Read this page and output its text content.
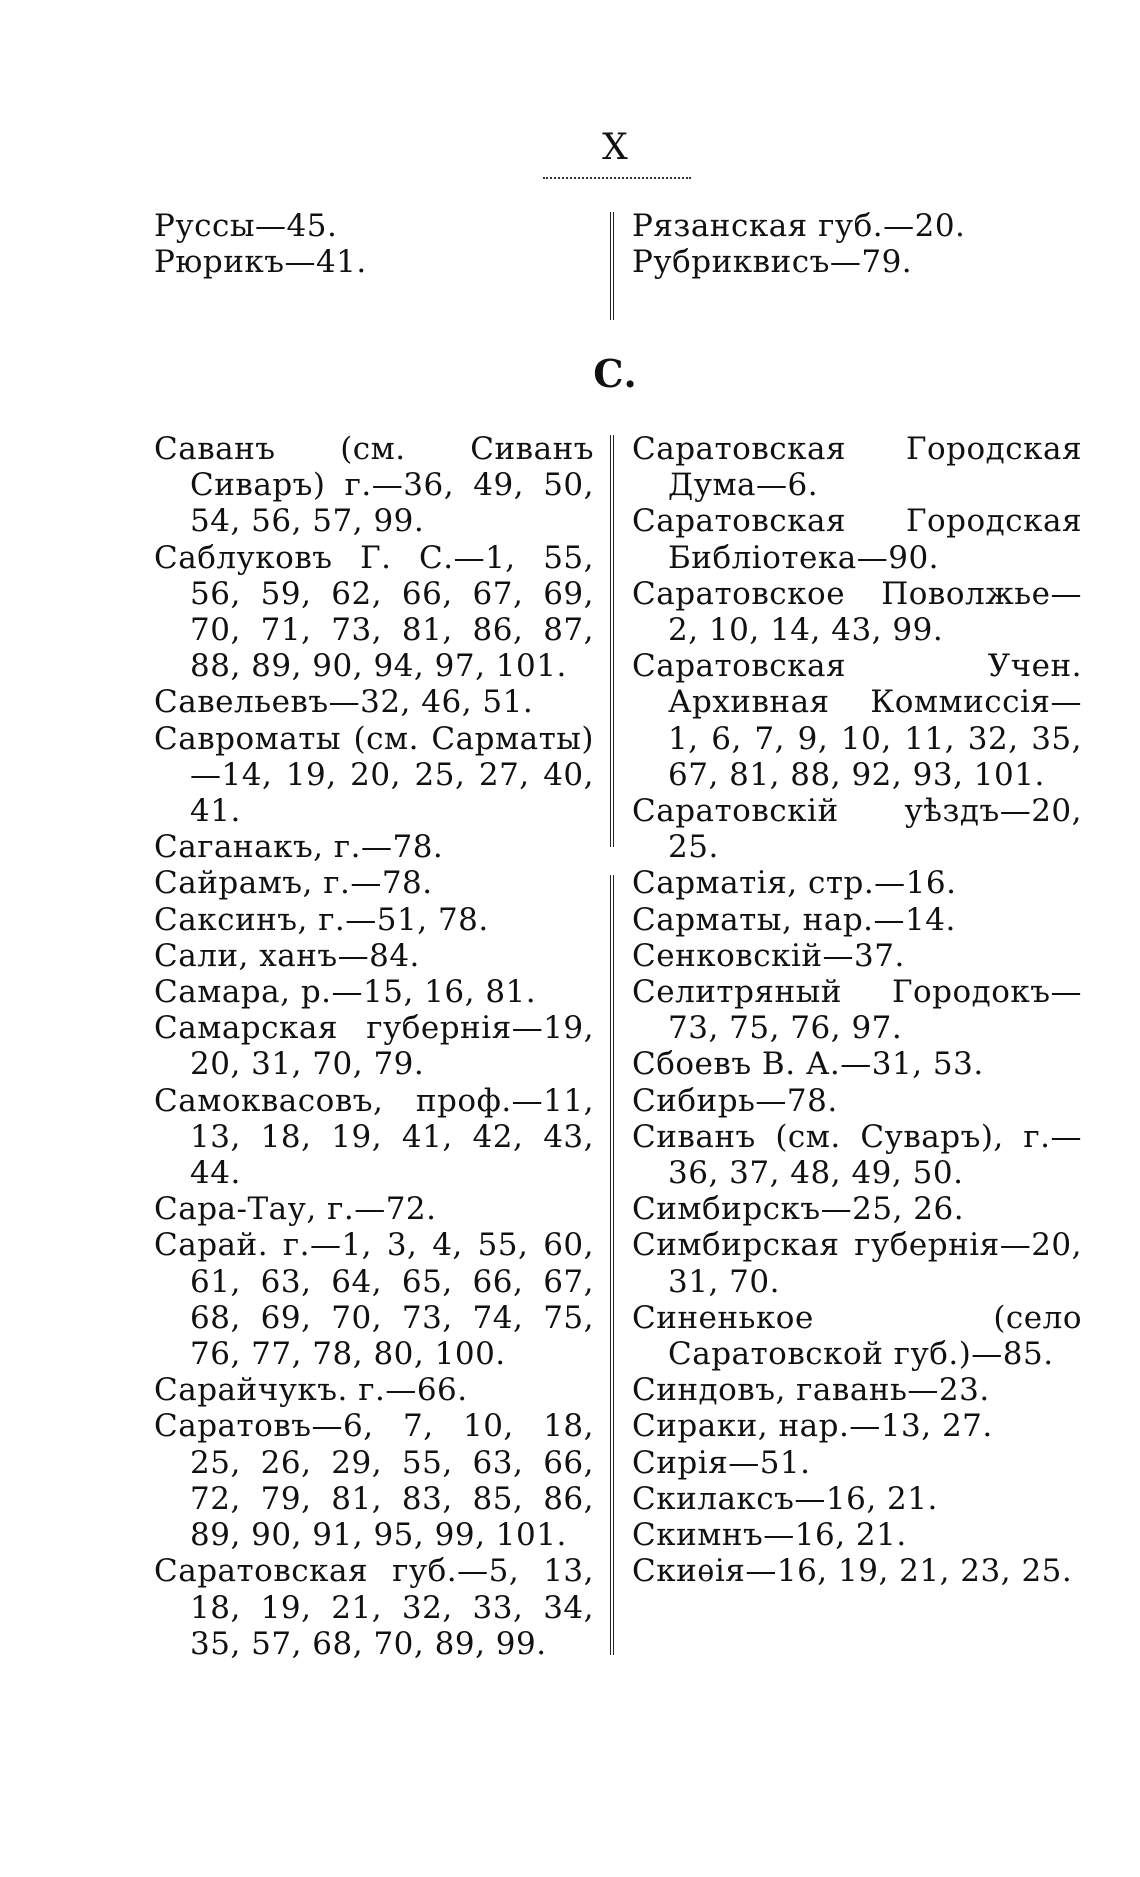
X
Руссы—45.
Рюрикъ—41.
Рязанская губ.—20.
Рубриквисъ—79.
С.
Саванъ (см. Сиванъ Сиваръ) г.—36, 49, 50, 54, 56, 57, 99.
Саблуковъ Г. С.—1, 55, 56, 59, 62, 66, 67, 69, 70, 71, 73, 81, 86, 87, 88, 89, 90, 94, 97, 101.
Савельевъ—32, 46, 51.
Савроматы (см. Сарматы)—14, 19, 20, 25, 27, 40, 41.
Саганакъ, г.—78.
Сайрамъ, г.—78.
Саксинъ, г.—51, 78.
Сали, ханъ—84.
Самара, р.—15, 16, 81.
Самарская губернія—19, 20, 31, 70, 79.
Самоквасовъ, проф.—11, 13, 18, 19, 41, 42, 43, 44.
Сара-Тау, г.—72.
Сарай. г.—1, 3, 4, 55, 60, 61, 63, 64, 65, 66, 67, 68, 69, 70, 73, 74, 75, 76, 77, 78, 80, 100.
Сарайчукъ. г.—66.
Саратовъ—6, 7, 10, 18, 25, 26, 29, 55, 63, 66, 72, 79, 81, 83, 85, 86, 89, 90, 91, 95, 99, 101.
Саратовская губ.—5, 13, 18, 19, 21, 32, 33, 34, 35, 57, 68, 70, 89, 99.
Саратовская Городская Дума—6.
Саратовская Городская Библіотека—90.
Саратовское Поволжье—2, 10, 14, 43, 99.
Саратовская Учен. Архивная Коммиссія—1, 6, 7, 9, 10, 11, 32, 35, 67, 81, 88, 92, 93, 101.
Саратовскій уѣздъ—20, 25.
Сарматія, стр.—16.
Сарматы, нар.—14.
Сенковскій—37.
Селитряный Городокъ—73, 75, 76, 97.
Сбоевъ В. А.—31, 53.
Сибирь—78.
Сиванъ (см. Суваръ), г.—36, 37, 48, 49, 50.
Симбирскъ—25, 26.
Симбирская губернія—20, 31, 70.
Синенькое (село Саратовской губ.)—85.
Синдовъ, гавань—23.
Сираки, нар.—13, 27.
Сирія—51.
Скилаксъ—16, 21.
Скимнъ—16, 21.
Скиѳія—16, 19, 21, 23, 25.
